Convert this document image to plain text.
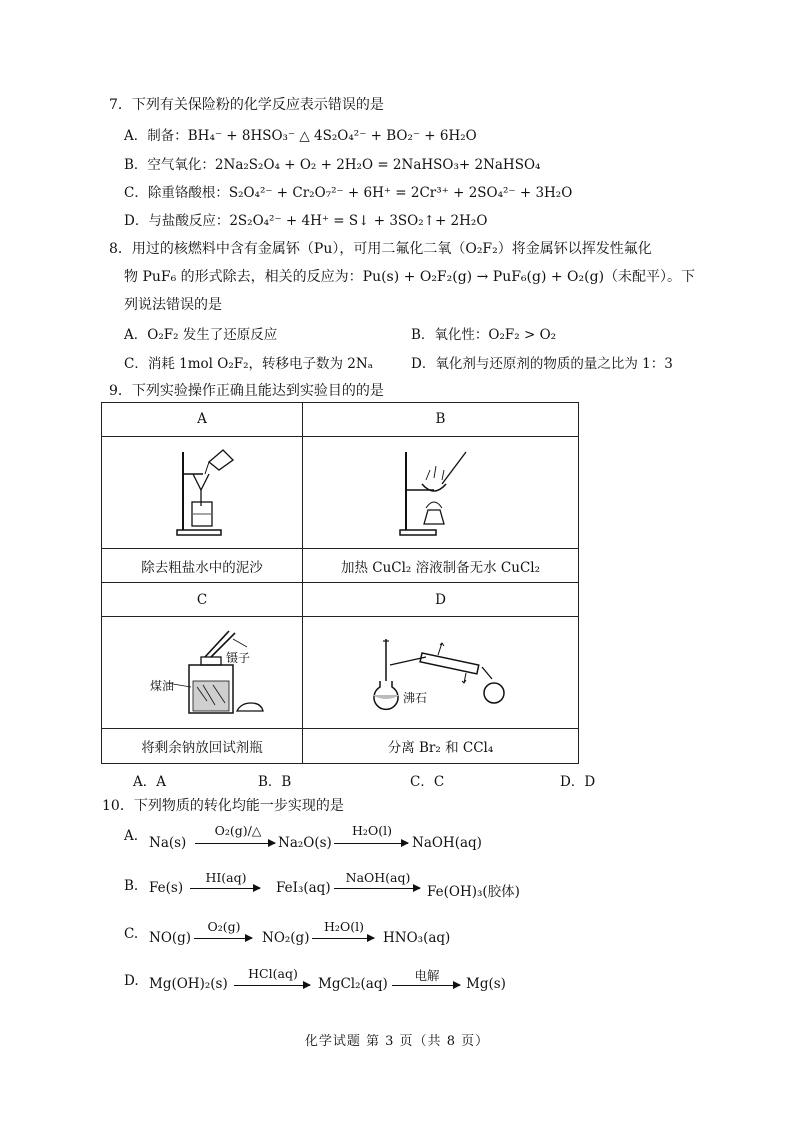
7．下列有关保险粉的化学反应表示错误的是
A．制备：BH₄⁻ + 8HSO₃⁻ △ 4S₂O₄²⁻ + BO₂⁻ + 6H₂O
B．空气氧化：2Na₂S₂O₄ + O₂ + 2H₂O = 2NaHSO₃+ 2NaHSO₄
C．除重铬酸根：S₂O₄²⁻ + Cr₂O₇²⁻ + 6H⁺ = 2Cr³⁺ + 2SO₄²⁻ + 3H₂O
D．与盐酸反应：2S₂O₄²⁻ + 4H⁺ = S↓ + 3SO₂↑+ 2H₂O
8．用过的核燃料中含有金属钚（Pu），可用二氟化二氧（O₂F₂）将金属钚以挥发性氟化
物 PuF₆ 的形式除去，相关的反应为：Pu(s) + O₂F₂(g) → PuF₆(g) + O₂(g)（未配平）。下
列说法错误的是
A．O₂F₂ 发生了还原反应	B．氧化性：O₂F₂ > O₂
C．消耗 1mol O₂F₂，转移电子数为 2Nₐ	D．氧化剂与还原剂的物质的量之比为 1：3
9．下列实验操作正确且能达到实验目的的是
A	B

除去粗盐水中的泥沙	加热 CuCl₂ 溶液制备无水 CuCl₂
C	D

镊子
煤油	沸石

将剩余钠放回试剂瓶	分离 Br₂ 和 CCl₄
A．A	B．B	C．C	D．D
10．下列物质的转化均能一步实现的是
A. Na(s)
O₂(g)/△
Na₂O(s)
H₂O(l)
NaOH(aq)
B. Fe(s)
HI(aq)
FeI₃(aq)
NaOH(aq)
Fe(OH)₃(胶体)
C. NO(g)
O₂(g)
NO₂(g)
H₂O(l)
HNO₃(aq)
D. Mg(OH)₂(s)
HCl(aq)
MgCl₂(aq)
电解
Mg(s)
化学试题 第 3 页（共 8 页）
